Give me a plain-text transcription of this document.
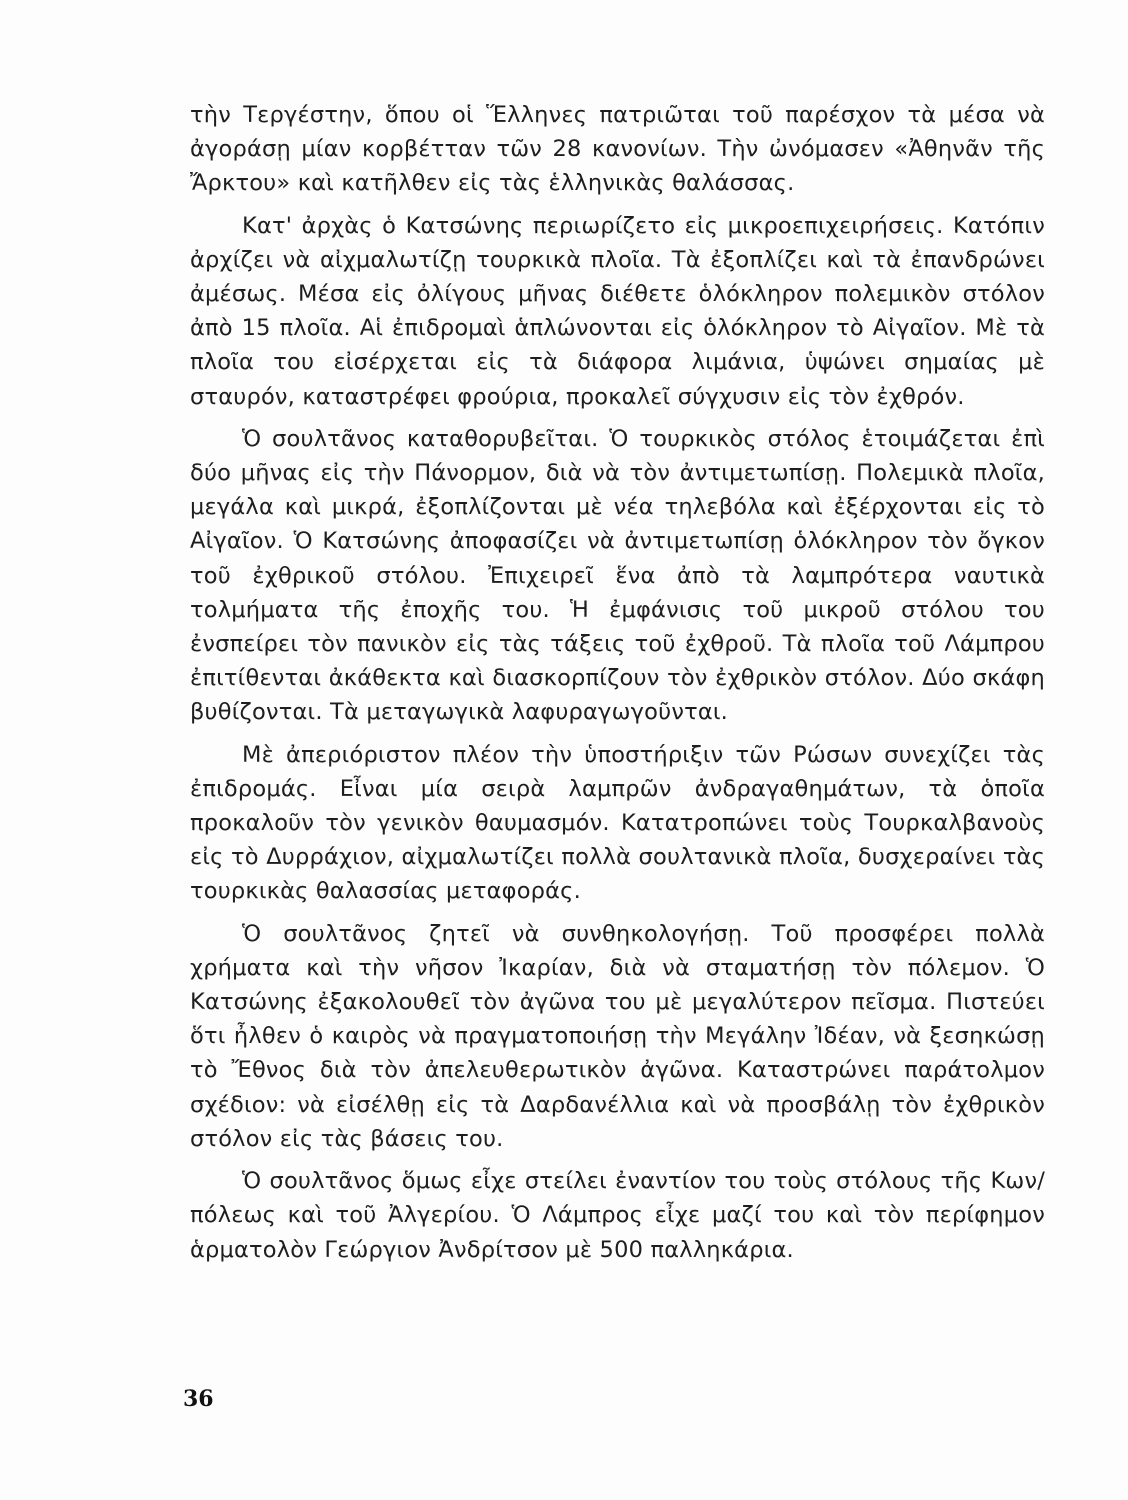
τὴν Τεργέστην, ὅπου οἱ Ἕλληνες πατριῶται τοῦ παρέσχον τὰ μέσα νὰ ἀγοράσῃ μίαν κορβέτταν τῶν 28 κανονίων. Τὴν ὠνόμασεν «Ἀθηνᾶν τῆς Ἄρκτου» καὶ κατῆλθεν εἰς τὰς ἑλληνικὰς θαλάσσας.

Κατ' ἀρχὰς ὁ Κατσώνης περιωρίζετο εἰς μικροεπιχειρήσεις. Κατόπιν ἀρχίζει νὰ αἰχμαλωτίζῃ τουρκικὰ πλοῖα. Τὰ ἐξοπλίζει καὶ τὰ ἐπανδρώνει ἀμέσως. Μέσα εἰς ὀλίγους μῆνας διέθετε ὁλόκληρον πολεμικὸν στόλον ἀπὸ 15 πλοῖα. Αἱ ἐπιδρομαὶ ἁπλώνονται εἰς ὁλόκληρον τὸ Αἰγαῖον. Μὲ τὰ πλοῖα του εἰσέρχεται εἰς τὰ διάφορα λιμάνια, ὑψώνει σημαίας μὲ σταυρόν, καταστρέφει φρούρια, προκαλεῖ σύγχυσιν εἰς τὸν ἐχθρόν.

Ὁ σουλτᾶνος καταθορυβεῖται. Ὁ τουρκικὸς στόλος ἑτοιμάζεται ἐπὶ δύο μῆνας εἰς τὴν Πάνορμον, διὰ νὰ τὸν ἀντιμετωπίσῃ. Πολεμικὰ πλοῖα, μεγάλα καὶ μικρά, ἐξοπλίζονται μὲ νέα τηλεβόλα καὶ ἐξέρχονται εἰς τὸ Αἰγαῖον. Ὁ Κατσώνης ἀποφασίζει νὰ ἀντιμετωπίσῃ ὁλόκληρον τὸν ὄγκον τοῦ ἐχθρικοῦ στόλου. Ἐπιχειρεῖ ἕνα ἀπὸ τὰ λαμπρότερα ναυτικὰ τολμήματα τῆς ἐποχῆς του. Ἡ ἐμφάνισις τοῦ μικροῦ στόλου του ἐνσπείρει τὸν πανικὸν εἰς τὰς τάξεις τοῦ ἐχθροῦ. Τὰ πλοῖα τοῦ Λάμπρου ἐπιτίθενται ἀκάθεκτα καὶ διασκορπίζουν τὸν ἐχθρικὸν στόλον. Δύο σκάφη βυθίζονται. Τὰ μεταγωγικὰ λαφυραγωγοῦνται.

Μὲ ἀπεριόριστον πλέον τὴν ὑποστήριξιν τῶν Ρώσων συνεχίζει τὰς ἐπιδρομάς. Εἶναι μία σειρὰ λαμπρῶν ἀνδραγαθημάτων, τὰ ὁποῖα προκαλοῦν τὸν γενικὸν θαυμασμόν. Κατατροπώνει τοὺς Τουρκαλβανοὺς εἰς τὸ Δυρράχιον, αἰχμαλωτίζει πολλὰ σουλτανικὰ πλοῖα, δυσχεραίνει τὰς τουρκικὰς θαλασσίας μεταφοράς.

Ὁ σουλτᾶνος ζητεῖ νὰ συνθηκολογήσῃ. Τοῦ προσφέρει πολλὰ χρήματα καὶ τὴν νῆσον Ἰκαρίαν, διὰ νὰ σταματήσῃ τὸν πόλεμον. Ὁ Κατσώνης ἐξακολουθεῖ τὸν ἀγῶνα του μὲ μεγαλύτερον πεῖσμα. Πιστεύει ὅτι ἦλθεν ὁ καιρὸς νὰ πραγματοποιήσῃ τὴν Μεγάλην Ἰδέαν, νὰ ξεσηκώσῃ τὸ Ἔθνος διὰ τὸν ἀπελευθερωτικὸν ἀγῶνα. Καταστρώνει παράτολμον σχέδιον: νὰ εἰσέλθῃ εἰς τὰ Δαρδανέλλια καὶ νὰ προσβάλῃ τὸν ἐχθρικὸν στόλον εἰς τὰς βάσεις του.

Ὁ σουλτᾶνος ὅμως εἶχε στείλει ἐναντίον του τοὺς στόλους τῆς Κων/πόλεως καὶ τοῦ Ἀλγερίου. Ὁ Λάμπρος εἶχε μαζί του καὶ τὸν περίφημον ἁρματολὸν Γεώργιον Ἀνδρίτσον μὲ 500 παλληκάρια.

36
